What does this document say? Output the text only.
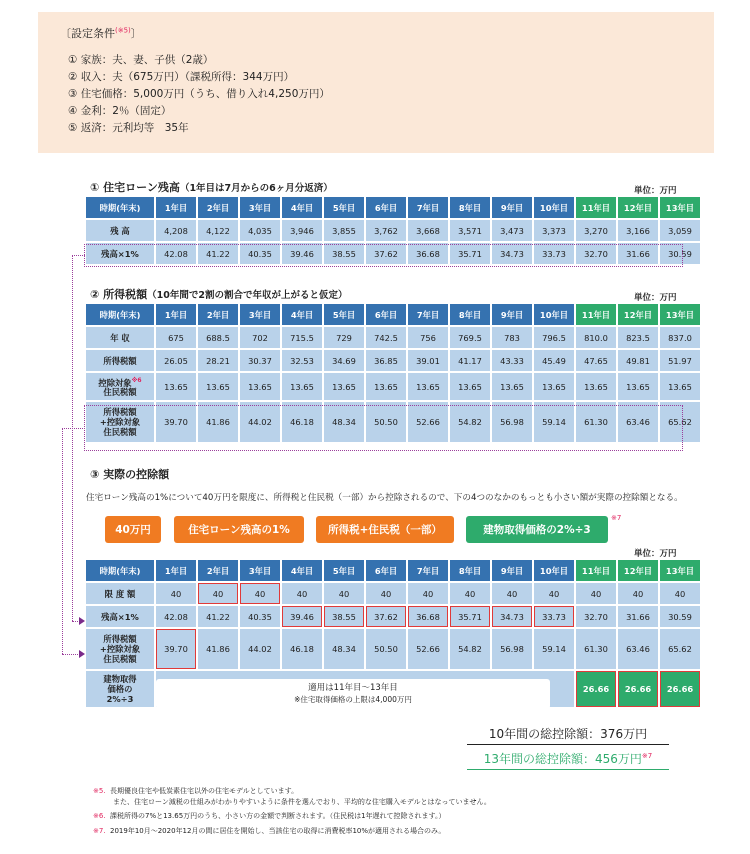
〔設定条件$^{(※5)}$〕
① 家族：夫、妻、子供（2歳）
② 収入：夫（675万円）（課税所得：344万円）
③ 住宅価格：5,000万円（うち、借り入れ4,250万円）
④ 金利：2％（固定）
⑤ 返済：元利均等　35年
① 住宅ローン残高（1年目は7月からの6ヶ月分返済）	単位：万円
時期(年末)	1年目	2年目	3年目	4年目	5年目	6年目	7年目	8年目	9年目	10年目	11年目	12年目	13年目
残 高	4,208	4,122	4,035	3,946	3,855	3,762	3,668	3,571	3,473	3,373	3,270	3,166	3,059
残高×1%	42.08	41.22	40.35	39.46	38.55	37.62	36.68	35.71	34.73	33.73	32.70	31.66	30.59
② 所得税額（10年間で2割の割合で年収が上がると仮定）	単位：万円
時期(年末)	1年目	2年目	3年目	4年目	5年目	6年目	7年目	8年目	9年目	10年目	11年目	12年目	13年目
年 収	675	688.5	702	715.5	729	742.5	756	769.5	783	796.5	810.0	823.5	837.0
所得税額	26.05	28.21	30.37	32.53	34.69	36.85	39.01	41.17	43.33	45.49	47.65	49.81	51.97
控除対象$^{※6}$
住民税額	13.65	13.65	13.65	13.65	13.65	13.65	13.65	13.65	13.65	13.65	13.65	13.65	13.65
所得税額
+控除対象
住民税額	39.70	41.86	44.02	46.18	48.34	50.50	52.66	54.82	56.98	59.14	61.30	63.46	65.62
③ 実際の控除額
住宅ローン残高の1%について40万円を限度に、所得税と住民税（一部）から控除されるので、下の4つのなかのもっとも小さい額が実際の控除額となる。
40万円	住宅ローン残高の1%	所得税+住民税（一部）	建物取得価格の2%÷3
※7
単位：万円
時期(年末)	1年目	2年目	3年目	4年目	5年目	6年目	7年目	8年目	9年目	10年目	11年目	12年目	13年目
限 度 額	40	40	40	40	40	40	40	40	40	40	40	40	40
残高×1%	42.08	41.22	40.35	39.46	38.55	37.62	36.68	35.71	34.73	33.73	32.70	31.66	30.59
所得税額
+控除対象
住民税額	39.70	41.86	44.02	46.18	48.34	50.50	52.66	54.82	56.98	59.14	61.30	63.46	65.62
建物取得
価格の
2%÷3											26.66	26.66	26.66
適用は11年目～13年目
※住宅取得価格の上限は4,000万円
10年間の総控除額：376万円
13年間の総控除額：456万円$^{※7}$
※5. 長期優良住宅や低炭素住宅以外の住宅モデルとしています。
また、住宅ローン減税の仕組みがわかりやすいように条件を選んでおり、平均的な住宅購入モデルとはなっていません。
※6. 課税所得の7%と13.65万円のうち、小さい方の金額で判断されます。（住民税は1年遅れて控除されます。）
※7. 2019年10月～2020年12月の間に居住を開始し、当該住宅の取得に消費税率10%が適用される場合のみ。
